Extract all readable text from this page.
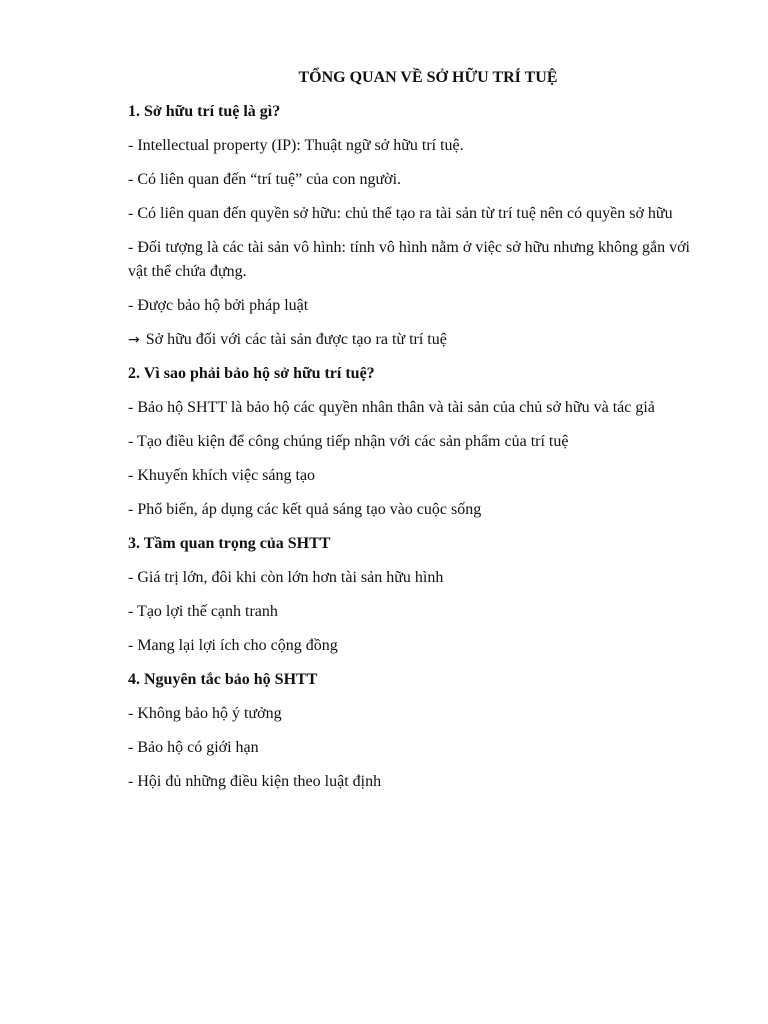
TỔNG QUAN VỀ SỞ HỮU TRÍ TUỆ
1. Sở hữu trí tuệ là gì?
- Intellectual property (IP): Thuật ngữ sở hữu trí tuệ.
- Có liên quan đến “trí tuệ” của con người.
- Có liên quan đến quyền sở hữu: chủ thể tạo ra tài sản từ trí tuệ nên có quyền sở hữu
- Đối tượng là các tài sản vô hình: tính vô hình nằm ở việc sở hữu nhưng không gắn với vật thể chứa đựng.
- Được bảo hộ bởi pháp luật
→ Sở hữu đối với các tài sản được tạo ra từ trí tuệ
2. Vì sao phải bảo hộ sở hữu trí tuệ?
- Bảo hộ SHTT là bảo hộ các quyền nhân thân và tài sản của chủ sở hữu và tác giả
- Tạo điều kiện để công chúng tiếp nhận với các sản phẩm của trí tuệ
- Khuyến khích việc sáng tạo
- Phổ biến, áp dụng các kết quả sáng tạo vào cuộc sống
3. Tầm quan trọng của SHTT
- Giá trị lớn, đôi khi còn lớn hơn tài sản hữu hình
- Tạo lợi thế cạnh tranh
- Mang lại lợi ích cho cộng đồng
4. Nguyên tắc bảo hộ SHTT
- Không bảo hộ ý tưởng
- Bảo hộ có giới hạn
- Hội đủ những điều kiện theo luật định
